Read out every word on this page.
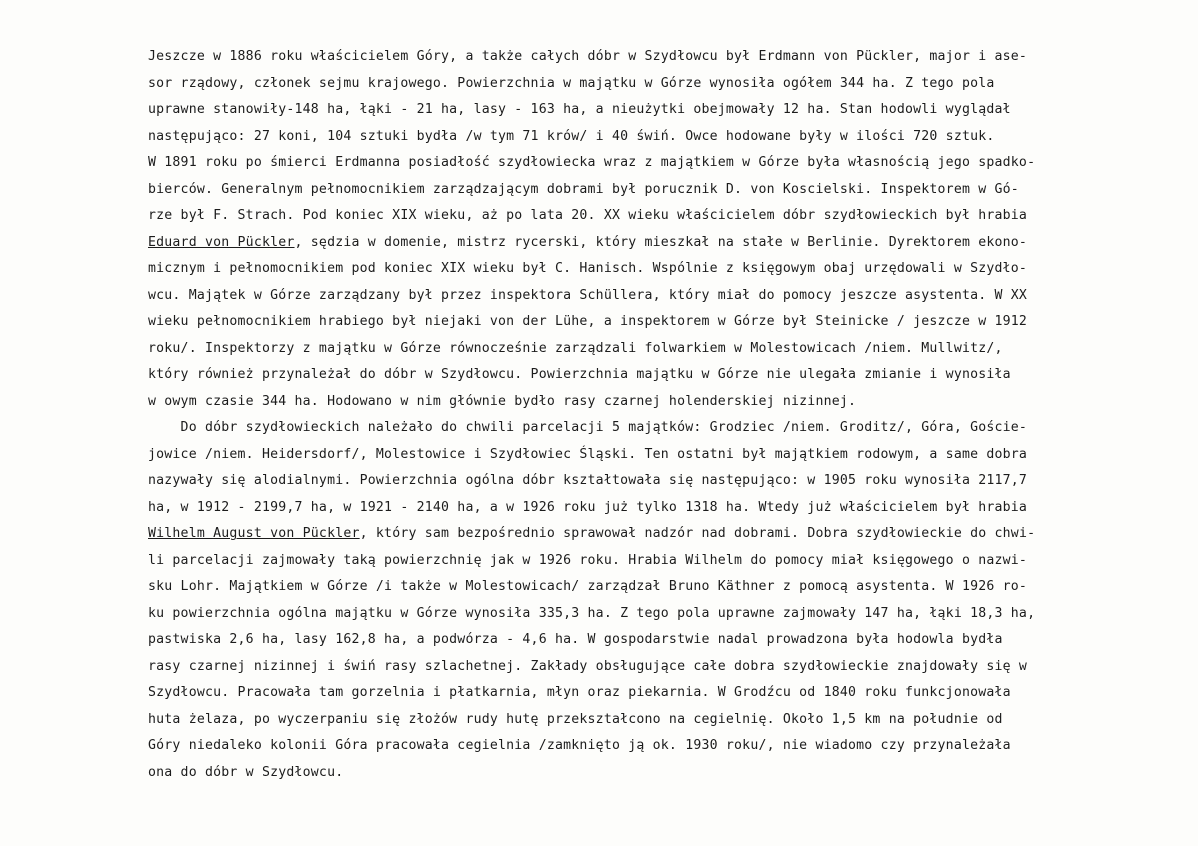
Jeszcze w 1886 roku właścicielem Góry, a także całych dóbr w Szydłowcu był Erdmann von Pückler, major i ase-
sor rządowy, członek sejmu krajowego. Powierzchnia w majątku w Górze wynosiła ogółem 344 ha. Z tego pola
uprawne stanowiły-148 ha, łąki - 21 ha, lasy - 163 ha, a nieużytki obejmowały 12 ha. Stan hodowli wyglądał
następująco: 27 koni, 104 sztuki bydła /w tym 71 krów/ i 40 świń. Owce hodowane były w ilości 720 sztuk.
W 1891 roku po śmierci Erdmanna posiadłość szydłowiecka wraz z majątkiem w Górze była własnością jego spadko-
bierców. Generalnym pełnomocnikiem zarządzającym dobrami był porucznik D. von Koscielski. Inspektorem w Gó-
rze był F. Strach. Pod koniec XIX wieku, aż po lata 20. XX wieku właścicielem dóbr szydłowieckich był hrabia
Eduard von Pückler, sędzia w domenie, mistrz rycerski, który mieszkał na stałe w Berlinie. Dyrektorem ekono-
micznym i pełnomocnikiem pod koniec XIX wieku był C. Hanisch. Wspólnie z księgowym obaj urzędowali w Szydło-
wcu. Majątek w Górze zarządzany był przez inspektora Schüllera, który miał do pomocy jeszcze asystenta. W XX
wieku pełnomocnikiem hrabiego był niejaki von der Lühe, a inspektorem w Górze był Steinicke / jeszcze w 1912
roku/. Inspektorzy z majątku w Górze równocześnie zarządzali folwarkiem w Molestowicach /niem. Mullwitz/,
który również przynależał do dóbr w Szydłowcu. Powierzchnia majątku w Górze nie ulegała zmianie i wynosiła
w owym czasie 344 ha. Hodowano w nim głównie bydło rasy czarnej holenderskiej nizinnej.
Do dóbr szydłowieckich należało do chwili parcelacji 5 majątków: Grodziec /niem. Groditz/, Góra, Goście-
jowice /niem. Heidersdorf/, Molestowice i Szydłowiec Śląski. Ten ostatni był majątkiem rodowym, a same dobra
nazywały się alodialnymi. Powierzchnia ogólna dóbr kształtowała się następująco: w 1905 roku wynosiła 2117,7
ha, w 1912 - 2199,7 ha, w 1921 - 2140 ha, a w 1926 roku już tylko 1318 ha. Wtedy już właścicielem był hrabia
Wilhelm August von Pückler, który sam bezpośrednio sprawował nadzór nad dobrami. Dobra szydłowieckie do chwi-
li parcelacji zajmowały taką powierzchnię jak w 1926 roku. Hrabia Wilhelm do pomocy miał księgowego o nazwi-
sku Lohr. Majątkiem w Górze /i także w Molestowicach/ zarządzał Bruno Käthner z pomocą asystenta. W 1926 ro-
ku powierzchnia ogólna majątku w Górze wynosiła 335,3 ha. Z tego pola uprawne zajmowały 147 ha, łąki 18,3 ha,
pastwiska 2,6 ha, lasy 162,8 ha, a podwórza - 4,6 ha. W gospodarstwie nadal prowadzona była hodowla bydła
rasy czarnej nizinnej i świń rasy szlachetnej. Zakłady obsługujące całe dobra szydłowieckie znajdowały się w
Szydłowcu. Pracowała tam gorzelnia i płatkarnia, młyn oraz piekarnia. W Grodźcu od 1840 roku funkcjonowała
huta żelaza, po wyczerpaniu się złożów rudy hutę przekształcono na cegielnię. Około 1,5 km na południe od
Góry niedaleko kolonii Góra pracowała cegielnia /zamknięto ją ok. 1930 roku/, nie wiadomo czy przynależała
ona do dóbr w Szydłowcu.
